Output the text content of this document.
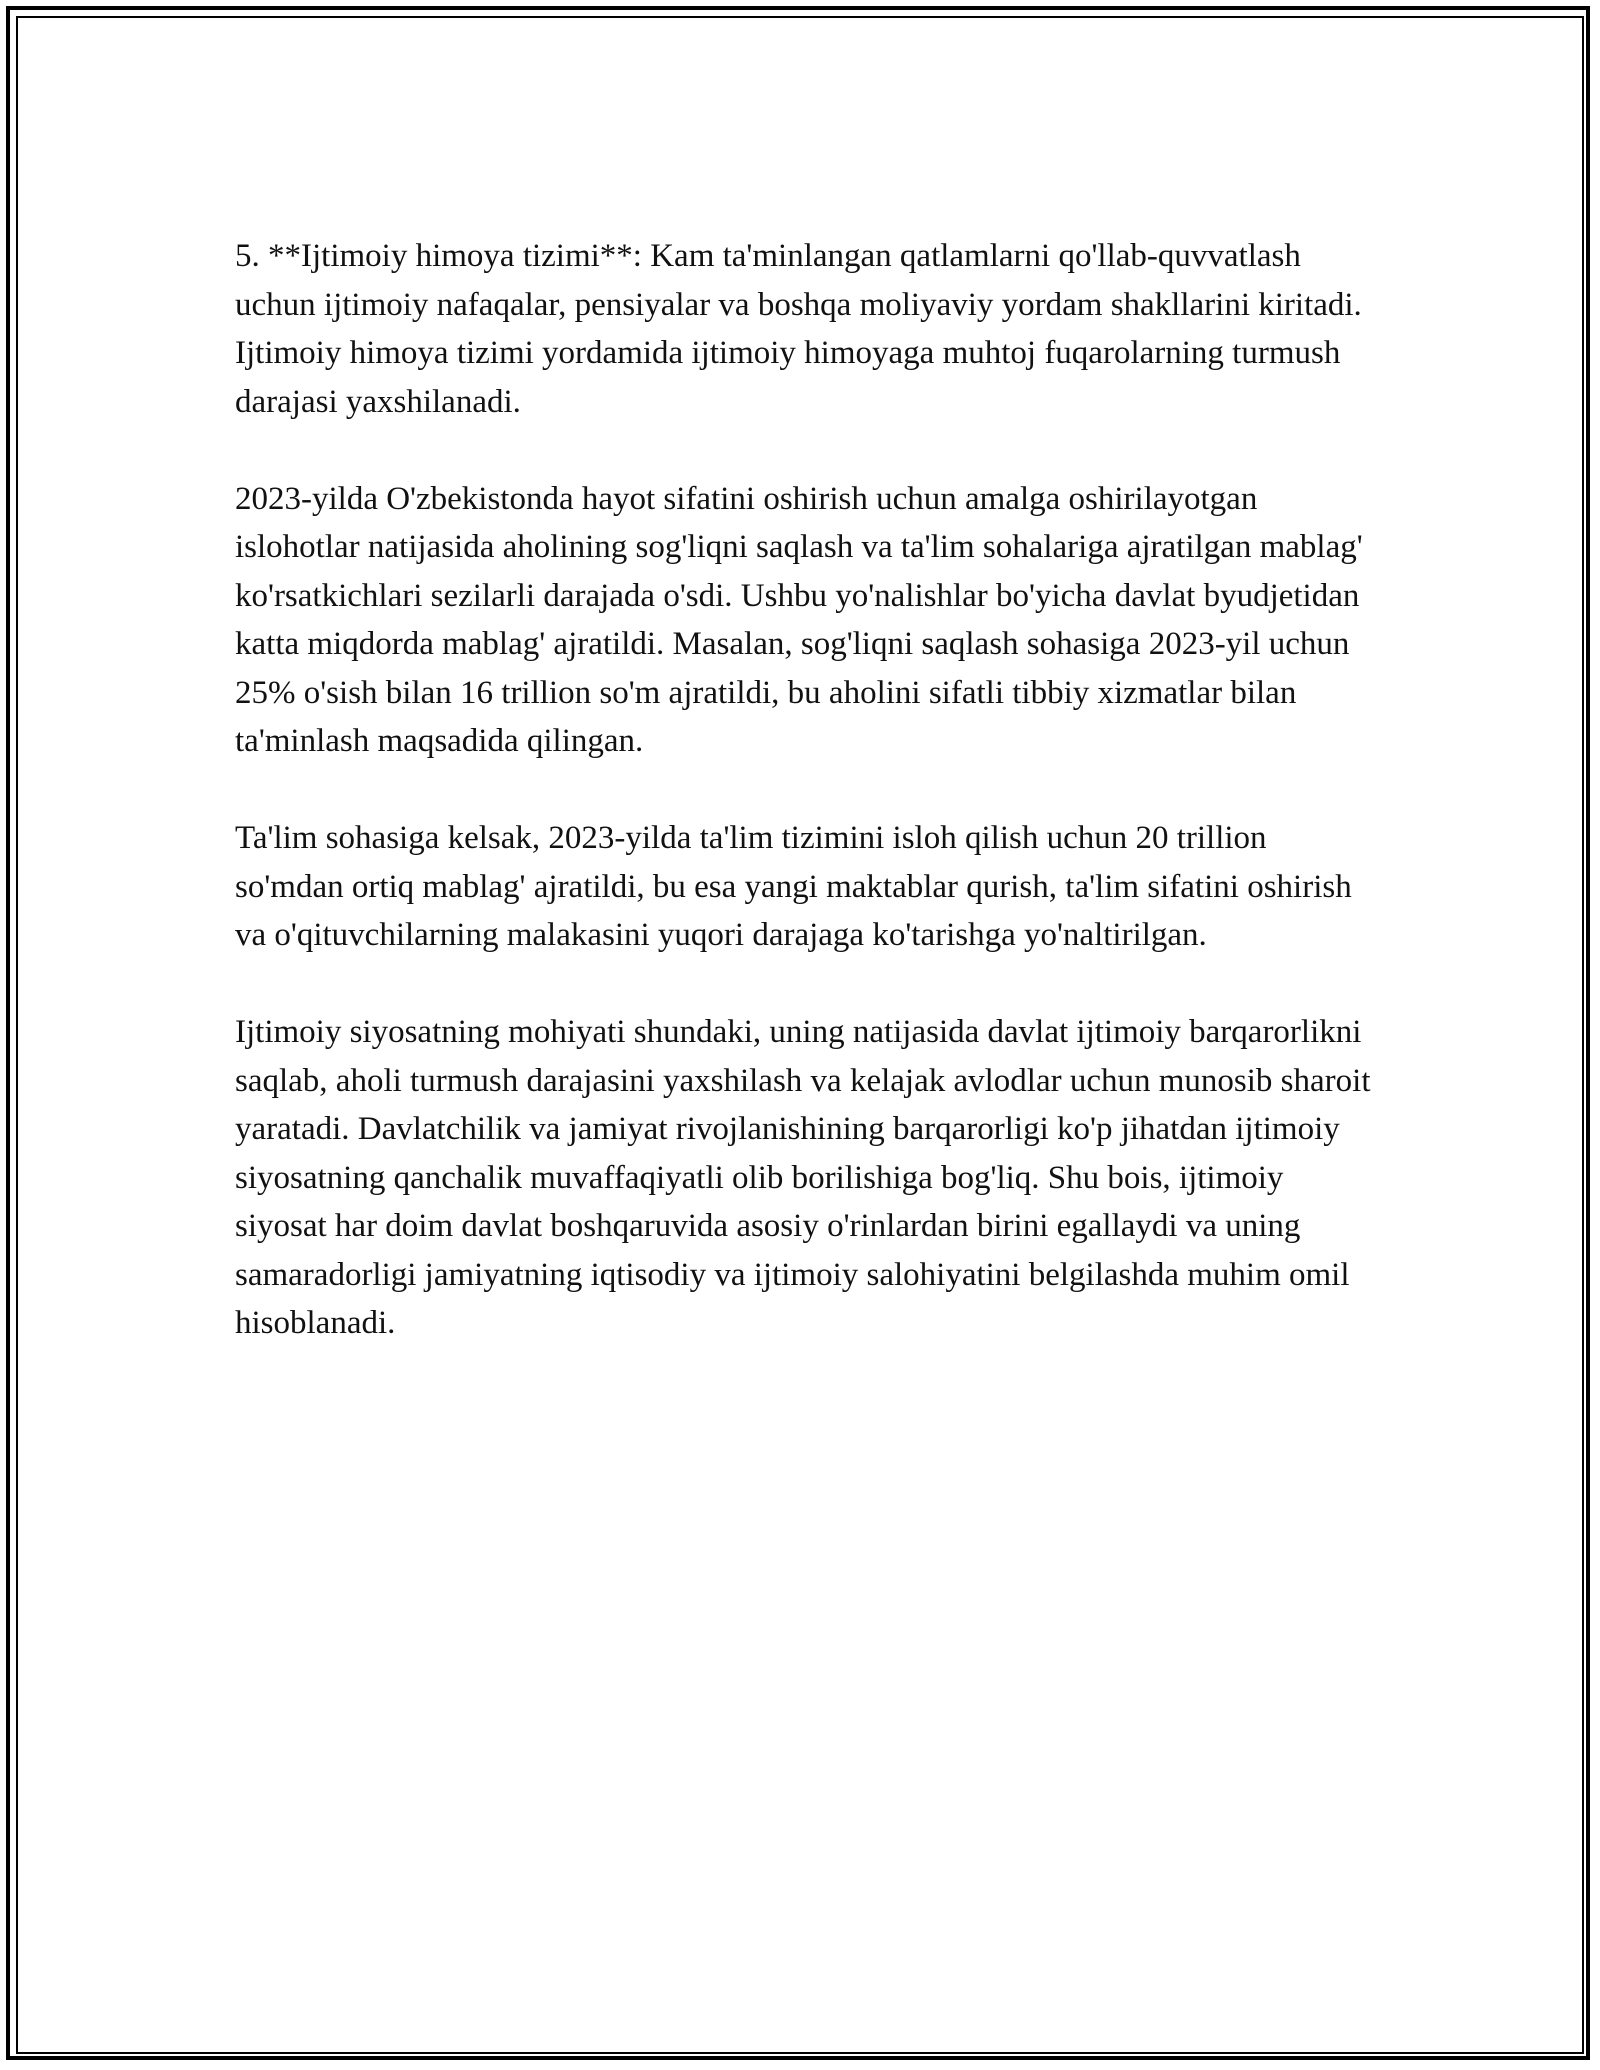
5. **Ijtimoiy himoya tizimi**: Kam ta'minlangan qatlamlarni qo'llab-quvvatlash uchun ijtimoiy nafaqalar, pensiyalar va boshqa moliyaviy yordam shakllarini kiritadi. Ijtimoiy himoya tizimi yordamida ijtimoiy himoyaga muhtoj fuqarolarning turmush darajasi yaxshilanadi.

2023-yilda O'zbekistonda hayot sifatini oshirish uchun amalga oshirilayotgan islohotlar natijasida aholining sog'liqni saqlash va ta'lim sohalariga ajratilgan mablag' ko'rsatkichlari sezilarli darajada o'sdi. Ushbu yo'nalishlar bo'yicha davlat byudjetidan katta miqdorda mablag' ajratildi. Masalan, sog'liqni saqlash sohasiga 2023-yil uchun 25% o'sish bilan 16 trillion so'm ajratildi, bu aholini sifatli tibbiy xizmatlar bilan ta'minlash maqsadida qilingan.

Ta'lim sohasiga kelsak, 2023-yilda ta'lim tizimini isloh qilish uchun 20 trillion so'mdan ortiq mablag' ajratildi, bu esa yangi maktablar qurish, ta'lim sifatini oshirish va o'qituvchilarning malakasini yuqori darajaga ko'tarishga yo'naltirilgan.

Ijtimoiy siyosatning mohiyati shundaki, uning natijasida davlat ijtimoiy barqarorlikni saqlab, aholi turmush darajasini yaxshilash va kelajak avlodlar uchun munosib sharoit yaratadi. Davlatchilik va jamiyat rivojlanishining barqarorligi ko'p jihatdan ijtimoiy siyosatning qanchalik muvaffaqiyatli olib borilishiga bog'liq. Shu bois, ijtimoiy siyosat har doim davlat boshqaruvida asosiy o'rinlardan birini egallaydi va uning samaradorligi jamiyatning iqtisodiy va ijtimoiy salohiyatini belgilashda muhim omil hisoblanadi.
